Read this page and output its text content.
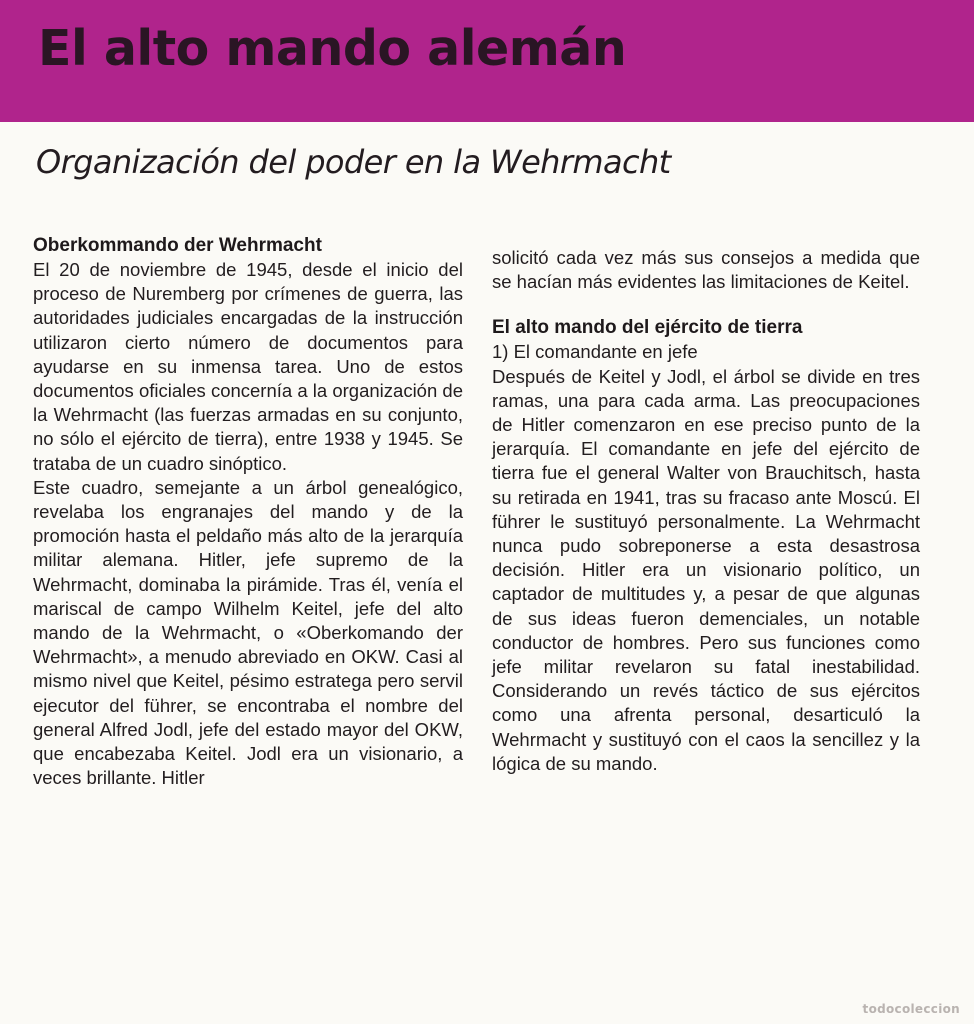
El alto mando alemán
Organización del poder en la Wehrmacht
Oberkommando der Wehrmacht

El 20 de noviembre de 1945, desde el inicio del proceso de Nuremberg por crímenes de guerra, las autoridades judiciales encargadas de la instrucción utilizaron cierto número de documentos para ayudarse en su inmensa tarea. Uno de estos documentos oficiales concernía a la organización de la Wehrmacht (las fuerzas armadas en su conjunto, no sólo el ejército de tierra), entre 1938 y 1945. Se trataba de un cuadro sinóptico.

Este cuadro, semejante a un árbol genealógico, revelaba los engranajes del mando y de la promoción hasta el peldaño más alto de la jerarquía militar alemana. Hitler, jefe supremo de la Wehrmacht, dominaba la pirámide. Tras él, venía el mariscal de campo Wilhelm Keitel, jefe del alto mando de la Wehrmacht, o «Oberkomando der Wehrmacht», a menudo abreviado en OKW. Casi al mismo nivel que Keitel, pésimo estratega pero servil ejecutor del führer, se encontraba el nombre del general Alfred Jodl, jefe del estado mayor del OKW, que encabezaba Keitel. Jodl era un visionario, a veces brillante. Hitler

solicitó cada vez más sus consejos a medida que se hacían más evidentes las limitaciones de Keitel.

El alto mando del ejército de tierra
1) El comandante en jefe

Después de Keitel y Jodl, el árbol se divide en tres ramas, una para cada arma. Las preocupaciones de Hitler comenzaron en ese preciso punto de la jerarquía. El comandante en jefe del ejército de tierra fue el general Walter von Brauchitsch, hasta su retirada en 1941, tras su fracaso ante Moscú. El führer le sustituyó personalmente. La Wehrmacht nunca pudo sobreponerse a esta desastrosa decisión. Hitler era un visionario político, un captador de multitudes y, a pesar de que algunas de sus ideas fueron demenciales, un notable conductor de hombres. Pero sus funciones como jefe militar revelaron su fatal inestabilidad. Considerando un revés táctico de sus ejércitos como una afrenta personal, desarticuló la Wehrmacht y sustituyó con el caos la sencillez y la lógica de su mando.

todocoleccion
